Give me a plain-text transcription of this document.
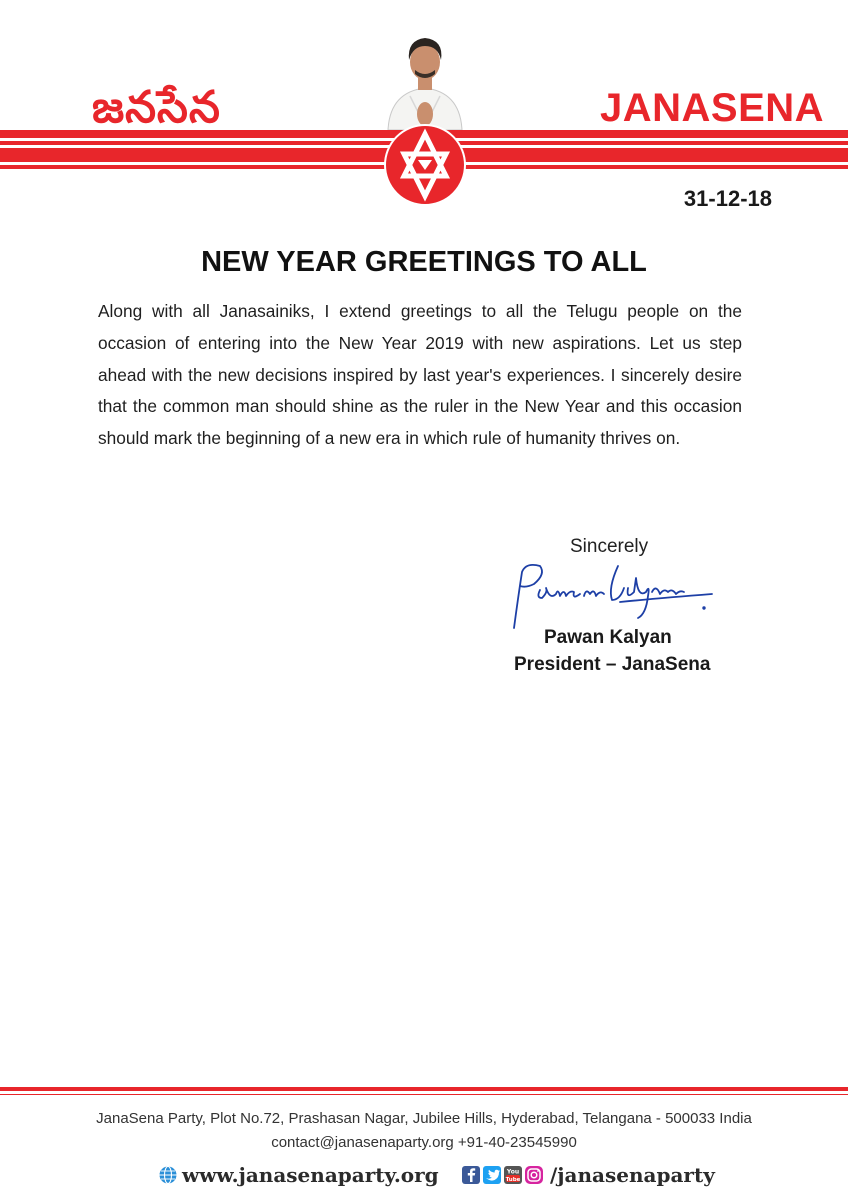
జనసేన	JANASENA
31-12-18
NEW YEAR GREETINGS TO ALL
Along with all Janasainiks, I extend greetings to all the Telugu people on the occasion of entering into the New Year 2019 with new aspirations. Let us step ahead with the new decisions inspired by last year's experiences. I sincerely desire that the common man should shine as the ruler in the New Year and this occasion should mark the beginning of a new era in which rule of humanity thrives on.
Sincerely
Pawan Kalyan
President – JanaSena
JanaSena Party, Plot No.72, Prashasan Nagar, Jubilee Hills, Hyderabad, Telangana - 500033 India
contact@janasenaparty.org +91-40-23545990
www.janasenaparty.org	You
Tube /janasenaparty
